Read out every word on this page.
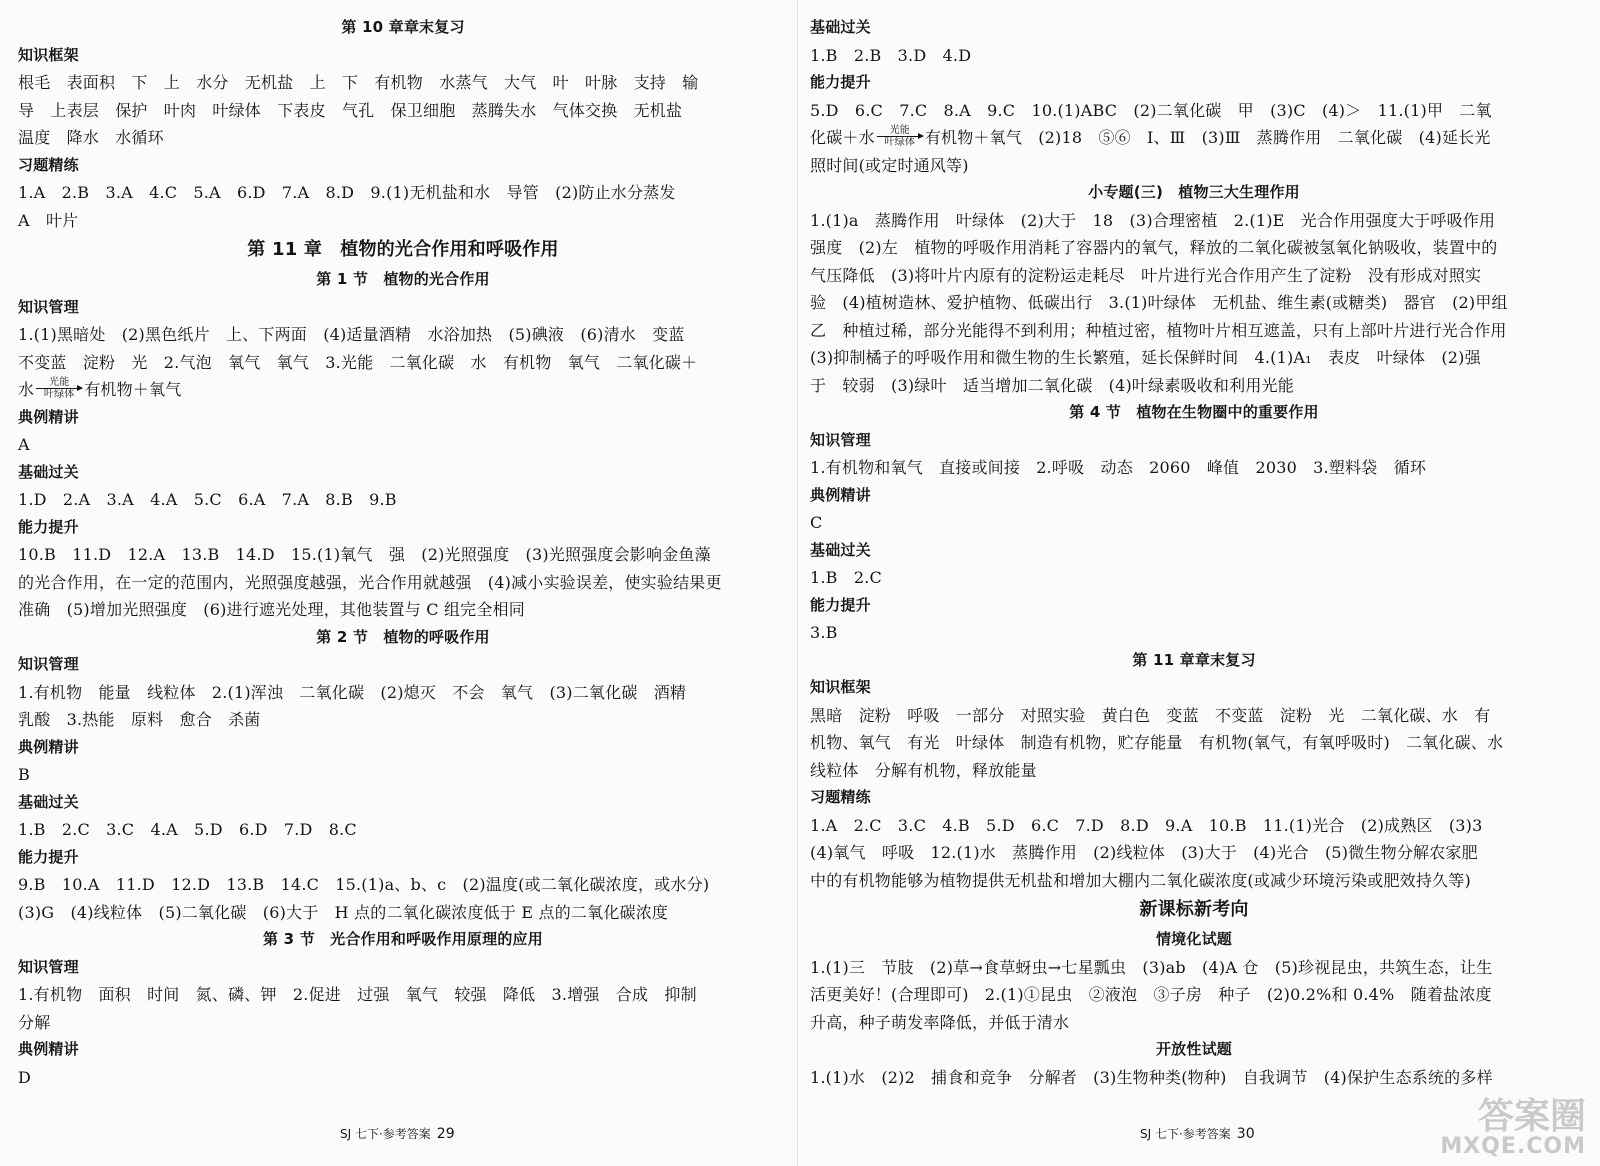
第 10 章章末复习
知识框架
根毛　表面积　下　上　水分　无机盐　上　下　有机物　水蒸气　大气　叶　叶脉　支持　输
导　上表层　保护　叶肉　叶绿体　下表皮　气孔　保卫细胞　蒸腾失水　气体交换　无机盐
温度　降水　水循环
习题精练
1.A　2.B　3.A　4.C　5.A　6.D　7.A　8.D　9.(1)无机盐和水　导管　(2)防止水分蒸发
A　叶片
第 11 章　植物的光合作用和呼吸作用
第 1 节　植物的光合作用
知识管理
1.(1)黑暗处　(2)黑色纸片　上、下两面　(4)适量酒精　水浴加热　(5)碘液　(6)清水　变蓝
不变蓝　淀粉　光　2.气泡　氧气　氧气　3.光能　二氧化碳　水　有机物　氧气　二氧化碳＋
水 光能
叶绿体 有机物＋氧气
典例精讲
A
基础过关
1.D　2.A　3.A　4.A　5.C　6.A　7.A　8.B　9.B
能力提升
10.B　11.D　12.A　13.B　14.D　15.(1)氧气　强　(2)光照强度　(3)光照强度会影响金鱼藻
的光合作用，在一定的范围内，光照强度越强，光合作用就越强　(4)减小实验误差，使实验结果更
准确　(5)增加光照强度　(6)进行遮光处理，其他装置与 C 组完全相同
第 2 节　植物的呼吸作用
知识管理
1.有机物　能量　线粒体　2.(1)浑浊　二氧化碳　(2)熄灭　不会　氧气　(3)二氧化碳　酒精
乳酸　3.热能　原料　愈合　杀菌
典例精讲
B
基础过关
1.B　2.C　3.C　4.A　5.D　6.D　7.D　8.C
能力提升
9.B　10.A　11.D　12.D　13.B　14.C　15.(1)a、b、c　(2)温度(或二氧化碳浓度，或水分)
(3)G　(4)线粒体　(5)二氧化碳　(6)大于　H 点的二氧化碳浓度低于 E 点的二氧化碳浓度
第 3 节　光合作用和呼吸作用原理的应用
知识管理
1.有机物　面积　时间　氮、磷、钾　2.促进　过强　氧气　较强　降低　3.增强　合成　抑制
分解
典例精讲
D
基础过关
1.B　2.B　3.D　4.D
能力提升
5.D　6.C　7.C　8.A　9.C　10.(1)ABC　(2)二氧化碳　甲　(3)C　(4)＞　11.(1)甲　二氧
化碳＋水 光能
叶绿体 有机物＋氧气　(2)18　⑤⑥　Ⅰ、Ⅲ　(3)Ⅲ　蒸腾作用　二氧化碳　(4)延长光
照时间(或定时通风等)
小专题(三)　植物三大生理作用
1.(1)a　蒸腾作用　叶绿体　(2)大于　18　(3)合理密植　2.(1)E　光合作用强度大于呼吸作用
强度　(2)左　植物的呼吸作用消耗了容器内的氧气，释放的二氧化碳被氢氧化钠吸收，装置中的
气压降低　(3)将叶片内原有的淀粉运走耗尽　叶片进行光合作用产生了淀粉　没有形成对照实
验　(4)植树造林、爱护植物、低碳出行　3.(1)叶绿体　无机盐、维生素(或糖类)　器官　(2)甲组
乙　种植过稀，部分光能得不到利用；种植过密，植物叶片相互遮盖，只有上部叶片进行光合作用
(3)抑制橘子的呼吸作用和微生物的生长繁殖，延长保鲜时间　4.(1)A₁　表皮　叶绿体　(2)强
于　较弱　(3)绿叶　适当增加二氧化碳　(4)叶绿素吸收和利用光能
第 4 节　植物在生物圈中的重要作用
知识管理
1.有机物和氧气　直接或间接　2.呼吸　动态　2060　峰值　2030　3.塑料袋　循环
典例精讲
C
基础过关
1.B　2.C
能力提升
3.B
第 11 章章末复习
知识框架
黑暗　淀粉　呼吸　一部分　对照实验　黄白色　变蓝　不变蓝　淀粉　光　二氧化碳、水　有
机物、氧气　有光　叶绿体　制造有机物，贮存能量　有机物(氧气，有氧呼吸时)　二氧化碳、水
线粒体　分解有机物，释放能量
习题精练
1.A　2.C　3.C　4.B　5.D　6.C　7.D　8.D　9.A　10.B　11.(1)光合　(2)成熟区　(3)3
(4)氧气　呼吸　12.(1)水　蒸腾作用　(2)线粒体　(3)大于　(4)光合　(5)微生物分解农家肥
中的有机物能够为植物提供无机盐和增加大棚内二氧化碳浓度(或减少环境污染或肥效持久等)
新课标新考向
情境化试题
1.(1)三　节肢　(2)草→食草蚜虫→七星瓢虫　(3)ab　(4)A 仓　(5)珍视昆虫，共筑生态，让生
活更美好！(合理即可)　2.(1)①昆虫　②液泡　③子房　种子　(2)0.2%和 0.4%　随着盐浓度
升高，种子萌发率降低，并低于清水
开放性试题
1.(1)水　(2)2　捕食和竞争　分解者　(3)生物种类(物种)　自我调节　(4)保护生态系统的多样
SJ 七下·参考答案 29	SJ 七下·参考答案 30	答案圈
MXQE.COM
